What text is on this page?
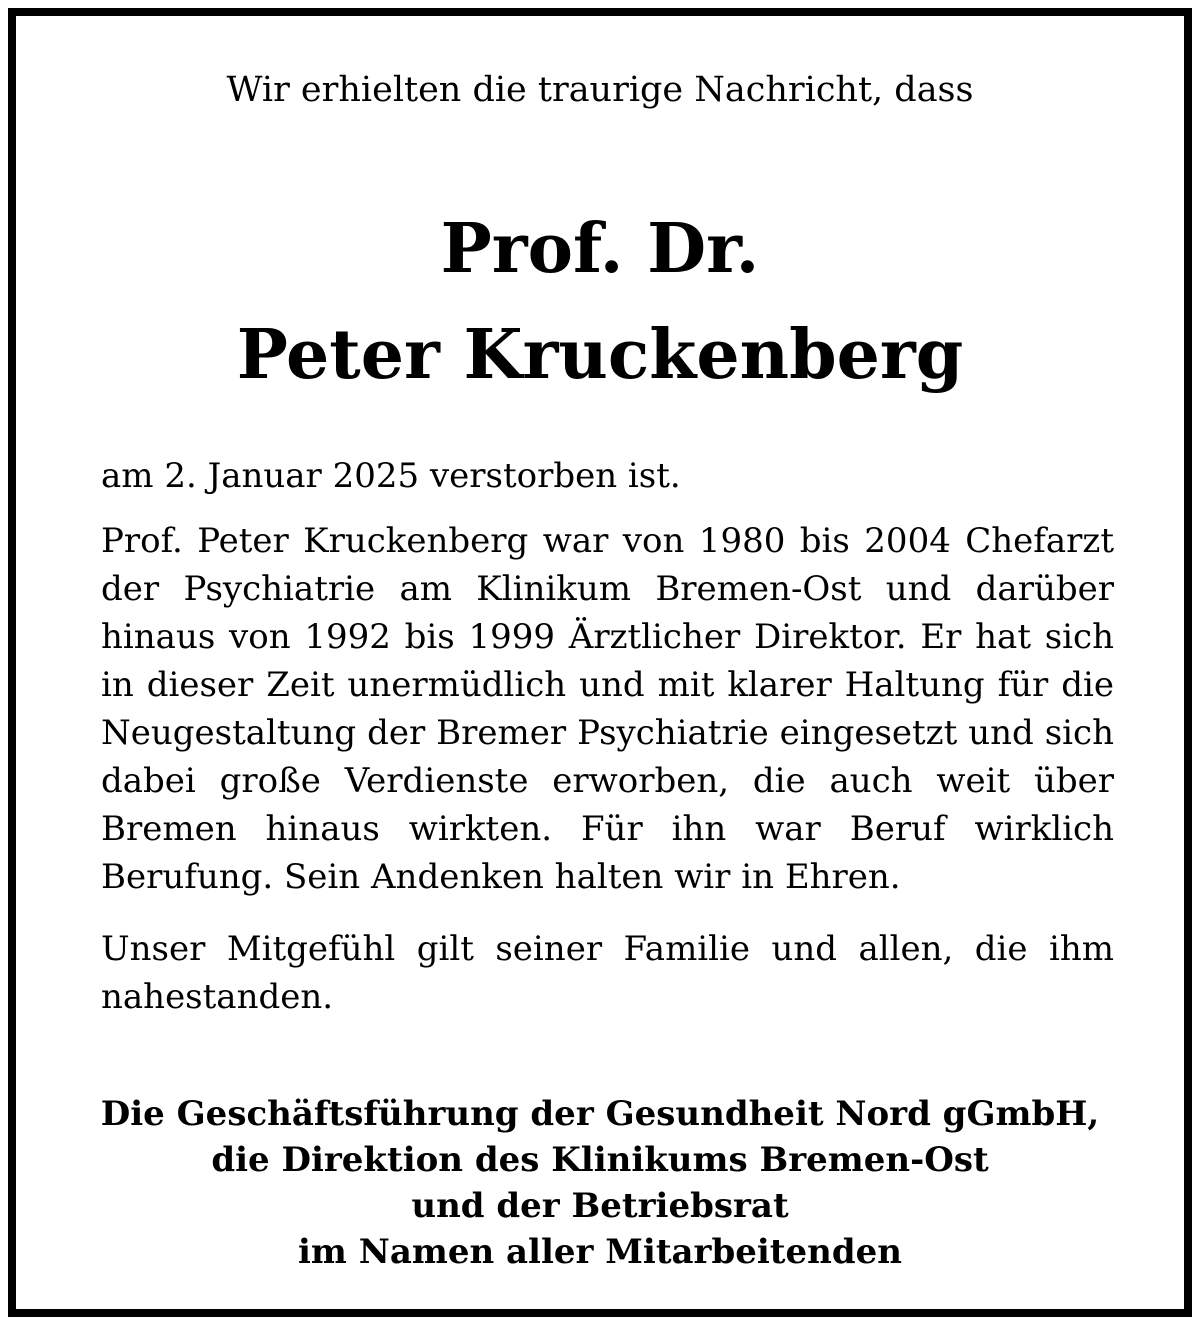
Wir erhielten die traurige Nachricht, dass
Prof. Dr.
Peter Kruckenberg

am 2. Januar 2025 verstorben ist.

Prof. Peter Kruckenberg war von 1980 bis 2004 Chefarzt der Psychiatrie am Klinikum Bremen-Ost und darüber hinaus von 1992 bis 1999 Ärztlicher Direktor. Er hat sich in dieser Zeit unermüdlich und mit klarer Haltung für die Neugestaltung der Bremer Psychiatrie eingesetzt und sich dabei große Verdienste erworben, die auch weit über Bremen hinaus wirkten. Für ihn war Beruf wirklich Berufung. Sein Andenken halten wir in Ehren.

Unser Mitgefühl gilt seiner Familie und allen, die ihm nahestanden.

Die Geschäftsführung der Gesundheit Nord gGmbH,
die Direktion des Klinikums Bremen-Ost
und der Betriebsrat
im Namen aller Mitarbeitenden
